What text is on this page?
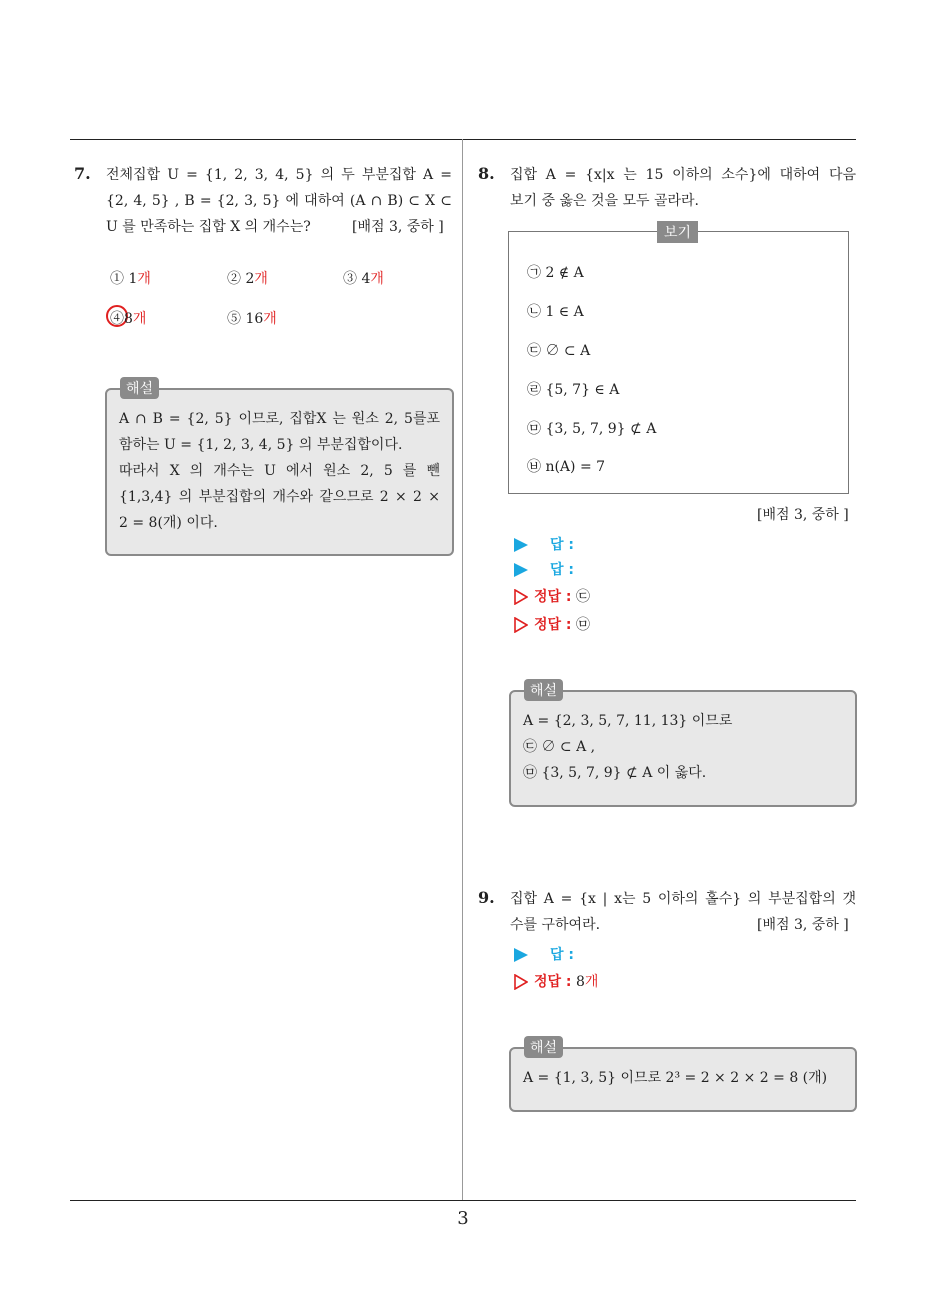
7. 전체집합 U = {1, 2, 3, 4, 5} 의 두 부분집합 A =
{2, 4, 5} , B = {2, 3, 5} 에 대하여 (A ∩ B) ⊂ X ⊂
U 를 만족하는 집합 X 의 개수는?	[배점 3, 중하 ]
① 1개	② 2개	③ 4개
④8개	⑤ 16개
해설
A ∩ B = {2, 5} 이므로, 집합X 는 원소 2, 5를포
함하는 U = {1, 2, 3, 4, 5} 의 부분집합이다.
따라서 X 의 개수는 U 에서 원소 2, 5 를 뺀
{1,3,4} 의 부분집합의 개수와 같으므로 2 × 2 ×
2 = 8(개) 이다.
8. 집합 A = {x|x 는 15 이하의 소수}에 대하여 다음
보기 중 옳은 것을 모두 골라라.
보기
㉠ 2 ∉ A
㉡ 1 ∈ A
㉢ ∅ ⊂ A
㉣ {5, 7} ∈ A
㉤ {3, 5, 7, 9} ⊄ A
㉥ n(A) = 7
[배점 3, 중하 ]
답 :
답 :
정답 : ㉢
정답 : ㉤
해설
A = {2, 3, 5, 7, 11, 13} 이므로
㉢ ∅ ⊂ A ,
㉤ {3, 5, 7, 9} ⊄ A 이 옳다.
9. 집합 A = {x | x는 5 이하의 홀수} 의 부분집합의 갯
수를 구하여라.	[배점 3, 중하 ]
답 :
정답 : 8개
해설
A = {1, 3, 5} 이므로 2³ = 2 × 2 × 2 = 8 (개)
3
